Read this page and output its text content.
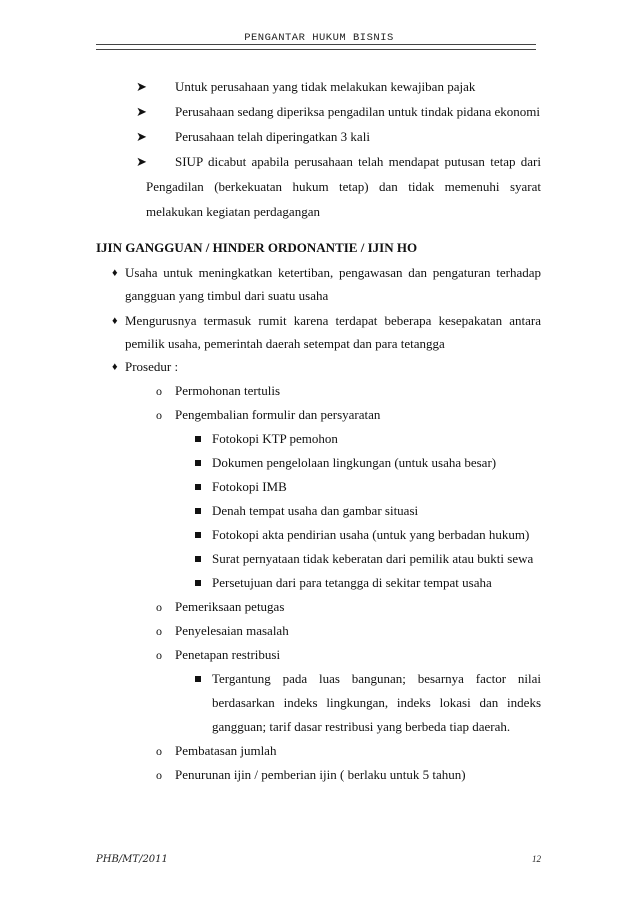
PENGANTAR HUKUM BISNIS
➤ Untuk perusahaan yang tidak melakukan kewajiban pajak
➤ Perusahaan sedang diperiksa pengadilan untuk tindak pidana ekonomi
➤ Perusahaan telah diperingatkan 3 kali
➤ SIUP dicabut apabila perusahaan telah mendapat putusan tetap dari
Pengadilan (berkekuatan hukum tetap) dan tidak memenuhi syarat
melakukan kegiatan perdagangan
IJIN GANGGUAN / HINDER ORDONANTIE / IJIN HO
♦ Usaha untuk meningkatkan ketertiban, pengawasan dan pengaturan terhadap
gangguan yang timbul dari suatu usaha
♦ Mengurusnya termasuk rumit karena terdapat beberapa kesepakatan antara
pemilik usaha, pemerintah daerah setempat dan para tetangga
♦ Prosedur :
o Permohonan tertulis
o Pengembalian formulir dan persyaratan
Fotokopi KTP pemohon
Dokumen pengelolaan lingkungan (untuk usaha besar)
Fotokopi IMB
Denah tempat usaha dan gambar situasi
Fotokopi akta pendirian usaha (untuk yang berbadan hukum)
Surat pernyataan tidak keberatan dari pemilik atau bukti sewa
Persetujuan dari para tetangga di sekitar tempat usaha
o Pemeriksaan petugas
o Penyelesaian masalah
o Penetapan restribusi
Tergantung pada luas bangunan; besarnya factor nilai
berdasarkan indeks lingkungan, indeks lokasi dan indeks
gangguan; tarif dasar restribusi yang berbeda tiap daerah.
o Pembatasan jumlah
o Penurunan ijin / pemberian ijin ( berlaku untuk 5 tahun)
PHB/MT/2011	12
